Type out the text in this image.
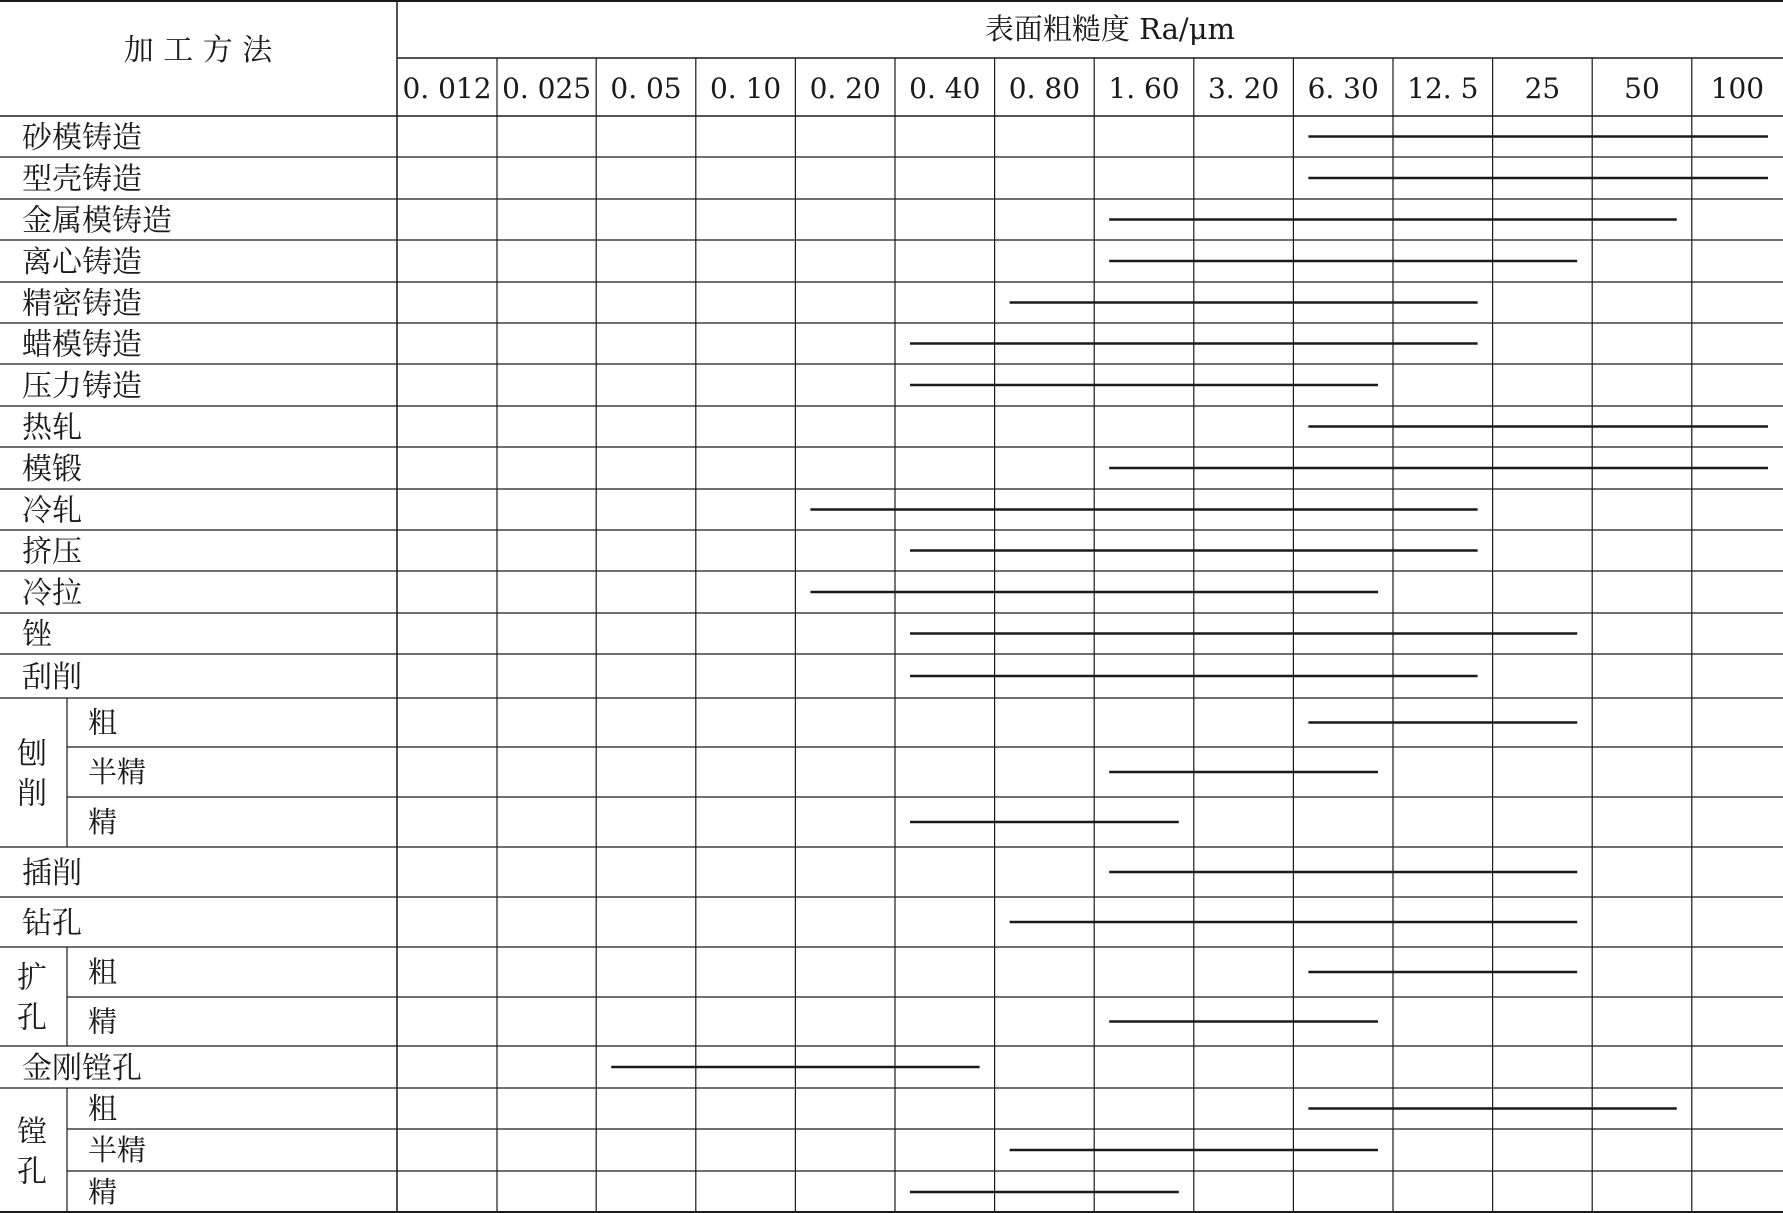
加 工 方 法
表面粗糙度 Ra/μm
0. 012 0. 025 0. 05 0. 10 0. 20 0. 40 0. 80 1. 60 3. 20 6. 30 12. 5 25 50 100
砂模铸造
型壳铸造
金属模铸造
离心铸造
精密铸造
蜡模铸造
压力铸造
热轧
模锻
冷轧
挤压
冷拉
锉
刮削
粗
半精
精
插削
钻孔
粗
精
金刚镗孔
粗
半精
精
刨
削
扩
孔
镗
孔
